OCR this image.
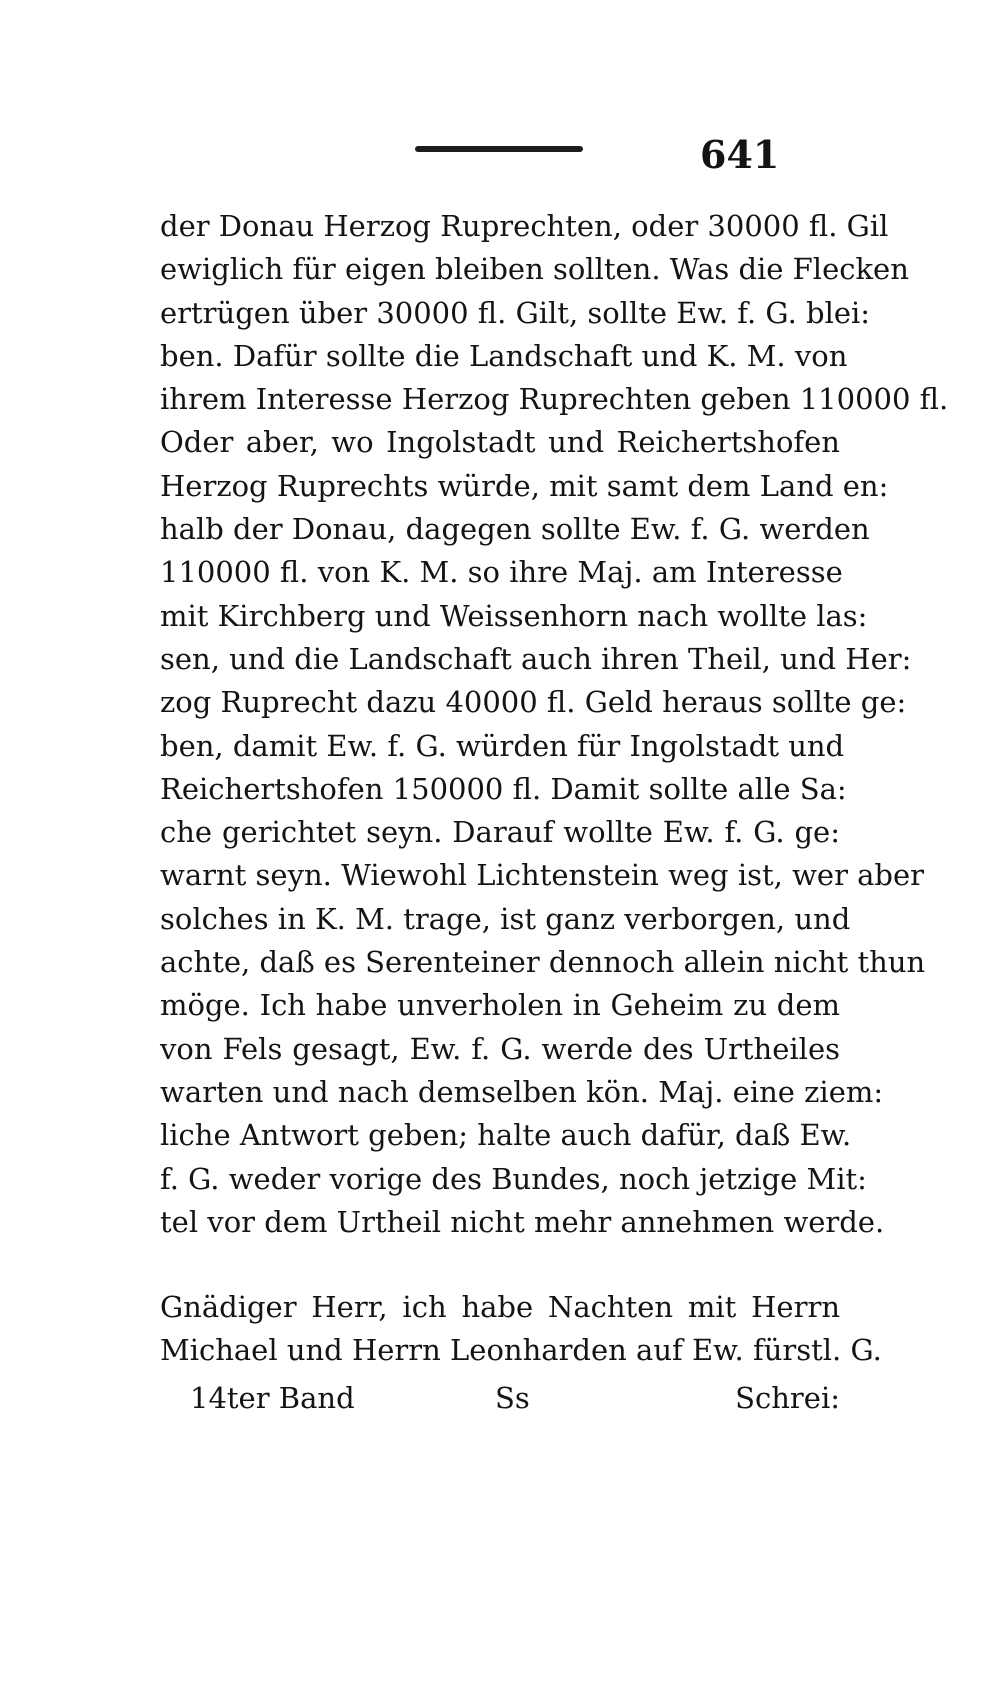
641
der Donau Herzog Ruprechten, oder 30000 fl. Gil
ewiglich für eigen bleiben sollten. Was die Flecken
ertrügen über 30000 fl. Gilt, sollte Ew. f. G. blei:
ben. Dafür sollte die Landschaft und K. M. von
ihrem Interesse Herzog Ruprechten geben 110000 fl.
Oder aber, wo Ingolstadt und Reichertshofen
Herzog Ruprechts würde, mit samt dem Land en:
halb der Donau, dagegen sollte Ew. f. G. werden
110000 fl. von K. M. so ihre Maj. am Interesse
mit Kirchberg und Weissenhorn nach wollte las:
sen, und die Landschaft auch ihren Theil, und Her:
zog Ruprecht dazu 40000 fl. Geld heraus sollte ge:
ben, damit Ew. f. G. würden für Ingolstadt und
Reichertshofen 150000 fl. Damit sollte alle Sa:
che gerichtet seyn. Darauf wollte Ew. f. G. ge:
warnt seyn. Wiewohl Lichtenstein weg ist, wer aber
solches in K. M. trage, ist ganz verborgen, und
achte, daß es Serenteiner dennoch allein nicht thun
möge. Ich habe unverholen in Geheim zu dem
von Fels gesagt, Ew. f. G. werde des Urtheiles
warten und nach demselben kön. Maj. eine ziem:
liche Antwort geben; halte auch dafür, daß Ew.
f. G. weder vorige des Bundes, noch jetzige Mit:
tel vor dem Urtheil nicht mehr annehmen werde.
Gnädiger Herr, ich habe Nachten mit Herrn
Michael und Herrn Leonharden auf Ew. fürstl. G.
14ter Band	Ss	Schrei:
